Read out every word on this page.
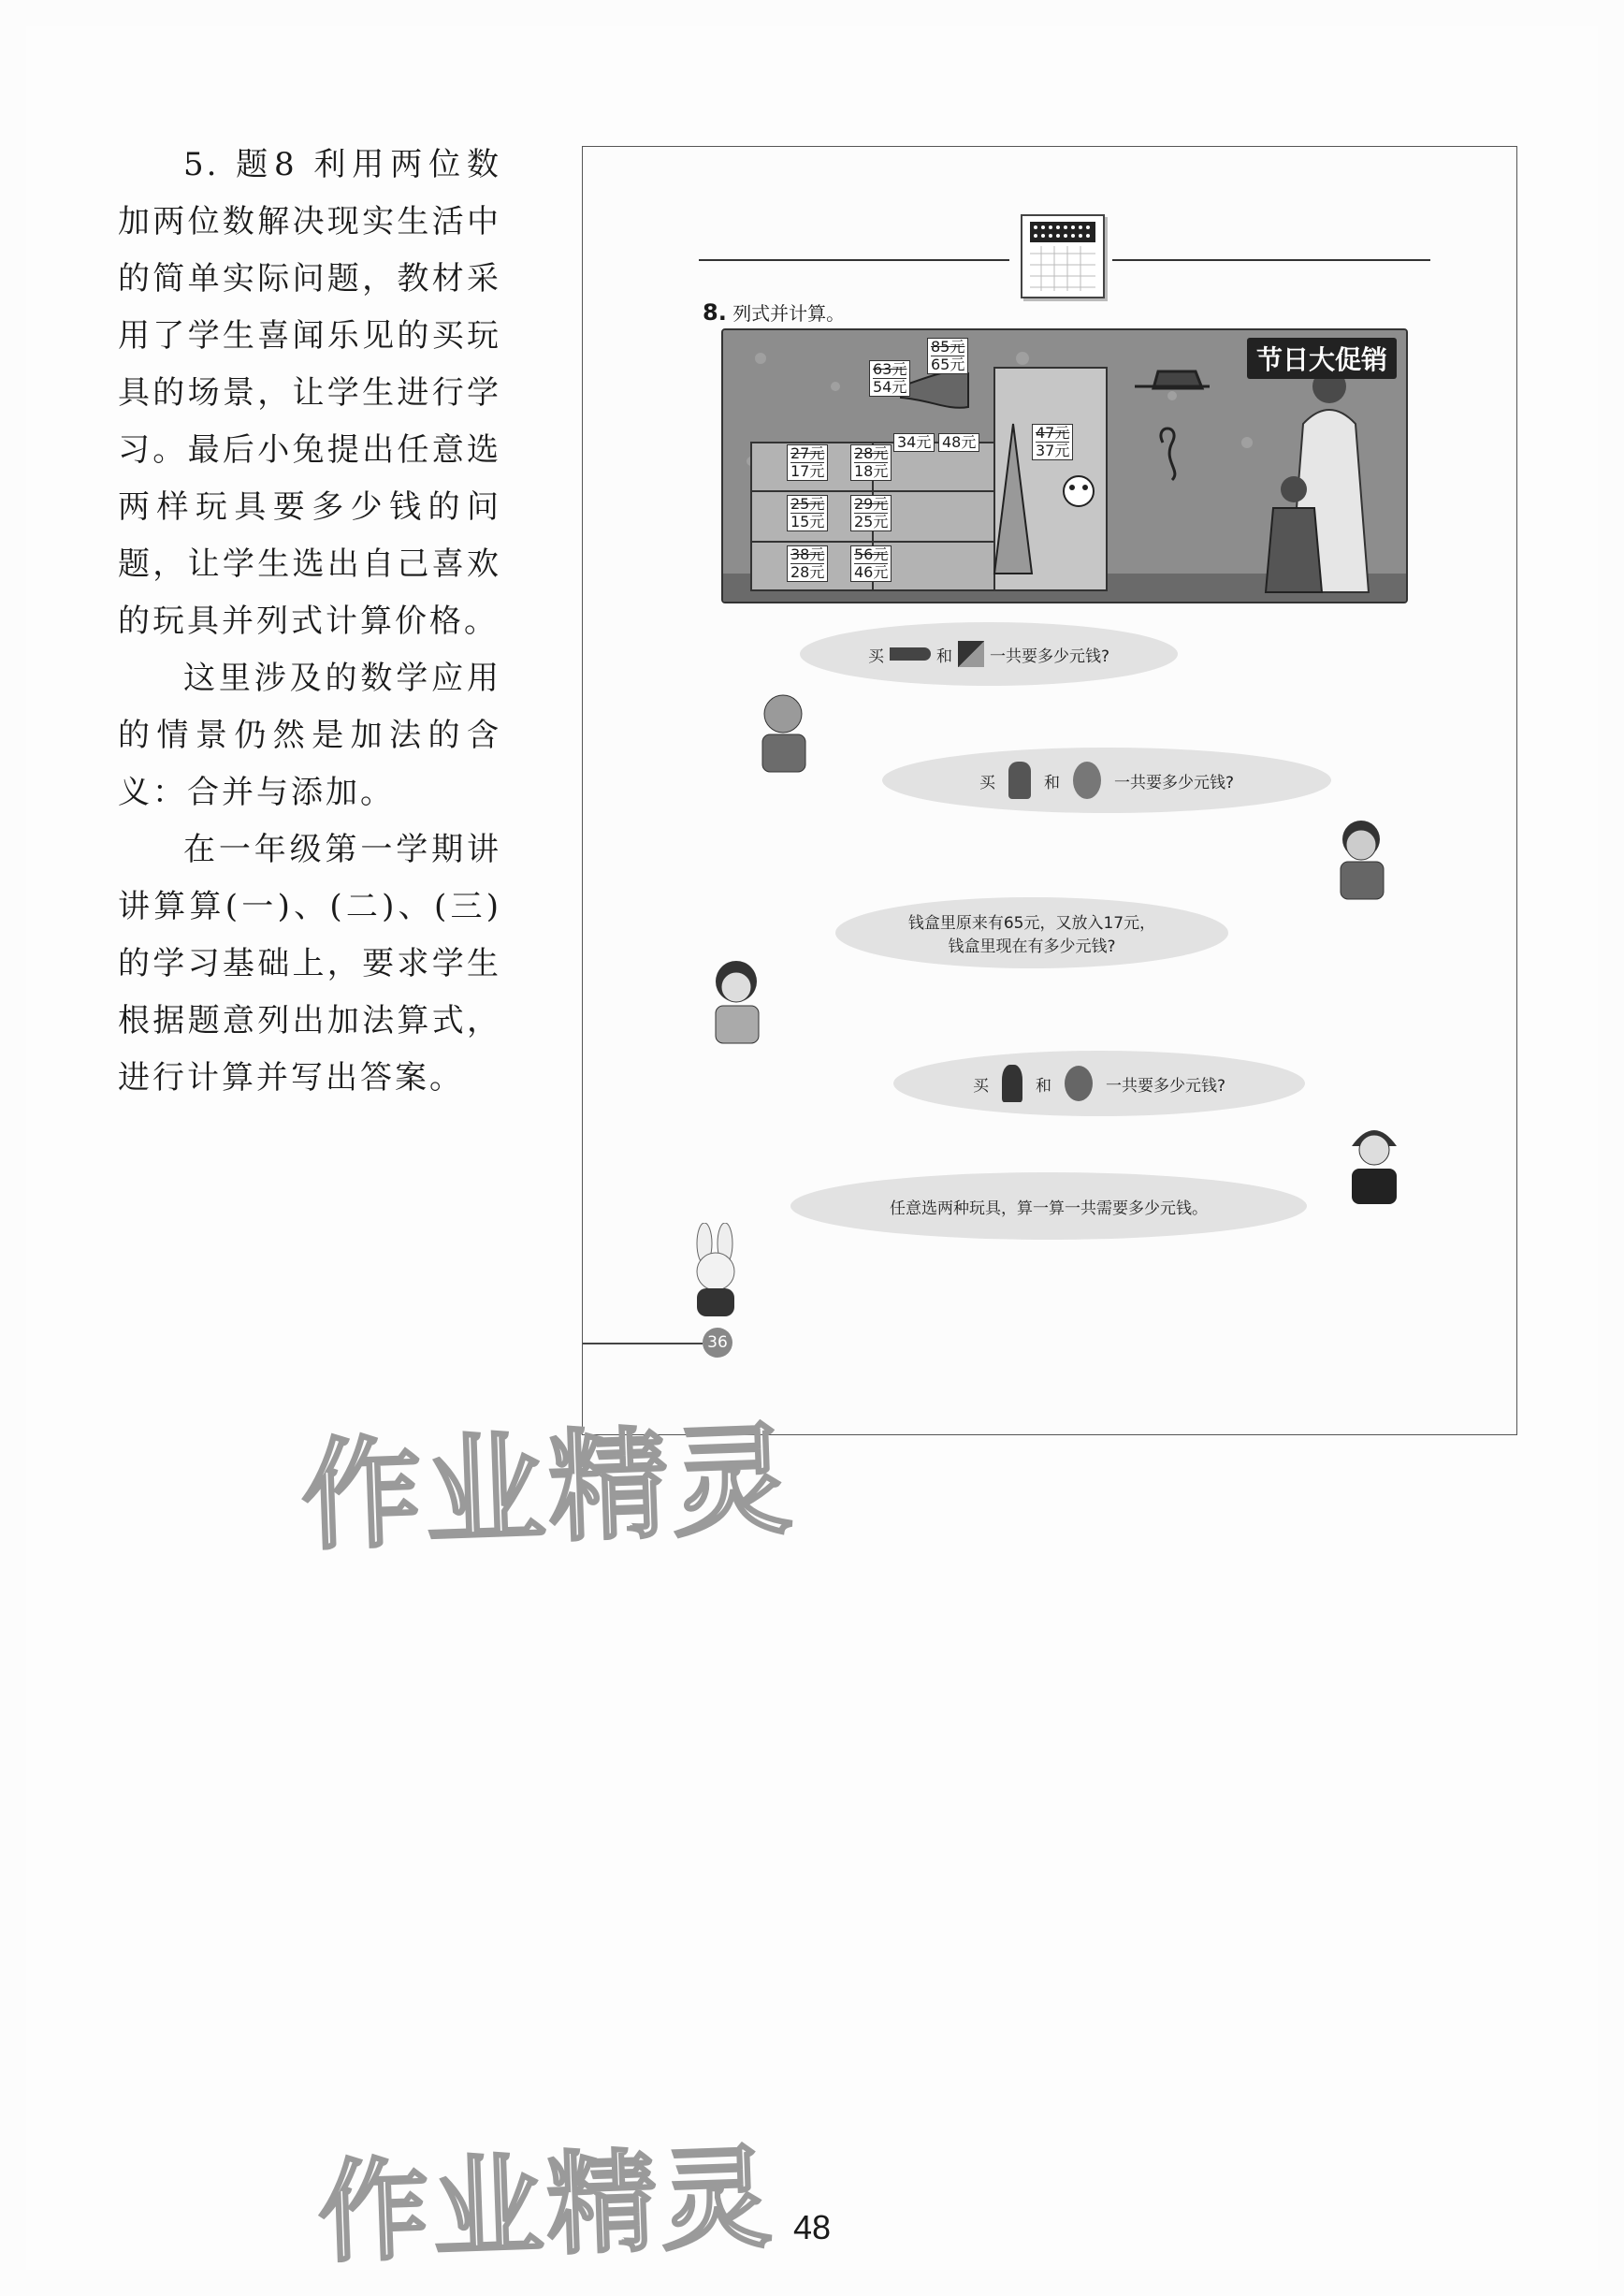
5. 题8 利用两位数加两位数解决现实生活中的简单实际问题，教材采用了学生喜闻乐见的买玩具的场景，让学生进行学习。最后小兔提出任意选两样玩具要多少钱的问题，让学生选出自己喜欢的玩具并列式计算价格。

这里涉及的数学应用的情景仍然是加法的含义：合并与添加。

在一年级第一学期讲讲算算(一)、(二)、(三)的学习基础上，要求学生根据题意列出加法算式，进行计算并写出答案。

8. 列式并计算。
节日大促销
63元
54元
85元
65元
34元 48元
47元
37元
27元
17元
28元
18元
25元
15元
29元
25元
38元
28元
56元
46元
买	和 一共要多少元钱?
买	和	一共要多少元钱?
钱盒里原来有65元，又放入17元，
钱盒里现在有多少元钱?
买	和	一共要多少元钱?
任意选两种玩具，算一算一共需要多少元钱。
36
作业精灵
作业精灵 48
